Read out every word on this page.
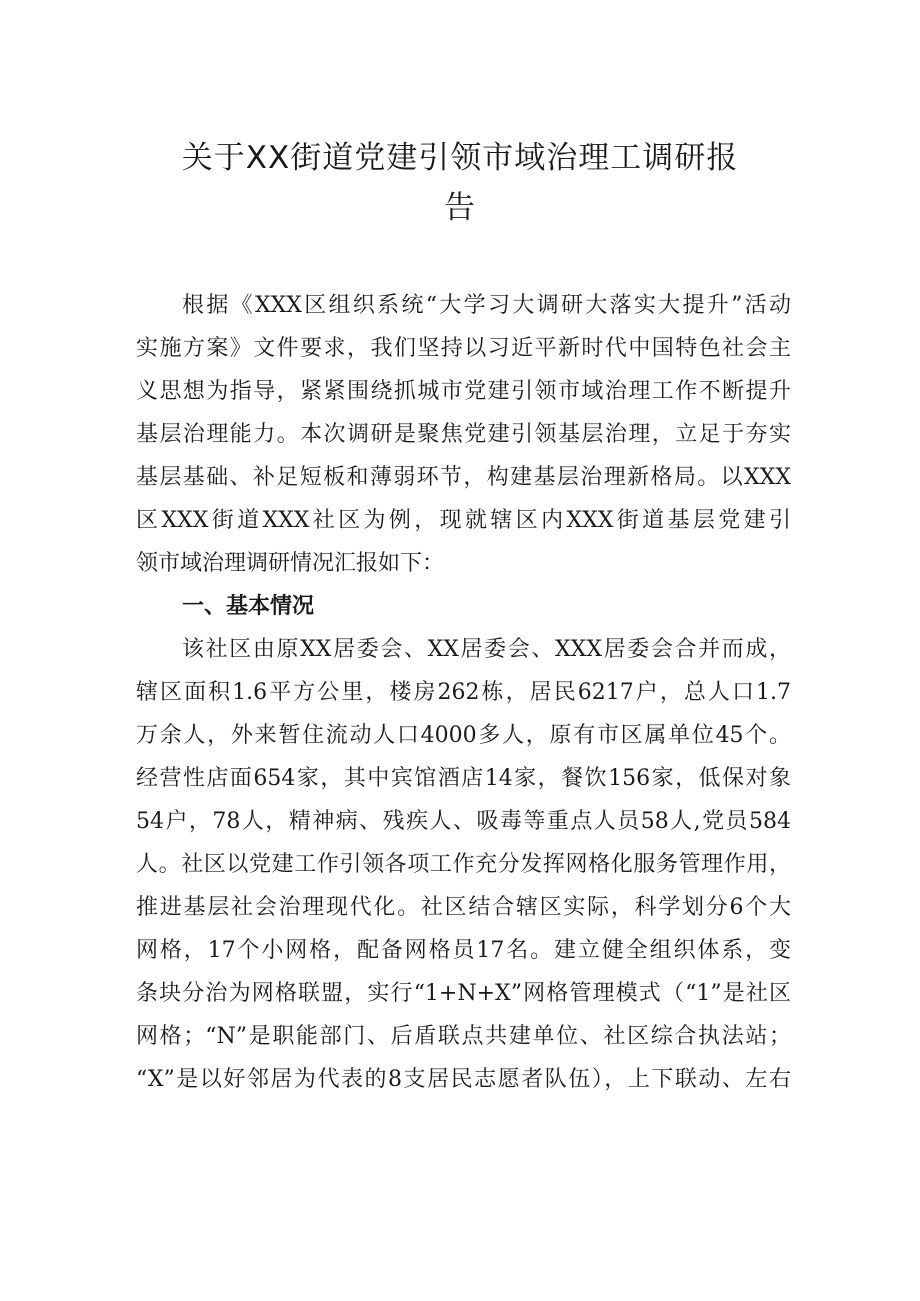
关于XX街道党建引领市域治理工调研报
告

根据《XXX区组织系统“大学习大调研大落实大提升”活动

实施方案》文件要求，我们坚持以习近平新时代中国特色社会主

义思想为指导，紧紧围绕抓城市党建引领市域治理工作不断提升

基层治理能力。本次调研是聚焦党建引领基层治理，立足于夯实

基层基础、补足短板和薄弱环节，构建基层治理新格局。以XXX

区XXX街道XXX社区为例，现就辖区内XXX街道基层党建引

领市域治理调研情况汇报如下：

一、基本情况

该社区由原XX居委会、XX居委会、XXX居委会合并而成，

辖区面积1.6平方公里，楼房262栋，居民6217户，总人口1.7

万余人，外来暂住流动人口4000多人，原有市区属单位45个。

经营性店面654家，其中宾馆酒店14家，餐饮156家，低保对象

54户，78人，精神病、残疾人、吸毒等重点人员58人,党员584

人。社区以党建工作引领各项工作充分发挥网格化服务管理作用，

推进基层社会治理现代化。社区结合辖区实际，科学划分6个大

网格，17个小网格，配备网格员17名。建立健全组织体系，变

条块分治为网格联盟，实行“1+N+X”网格管理模式（“1”是社区

网格；“N”是职能部门、后盾联点共建单位、社区综合执法站；

“X”是以好邻居为代表的8支居民志愿者队伍），上下联动、左右
